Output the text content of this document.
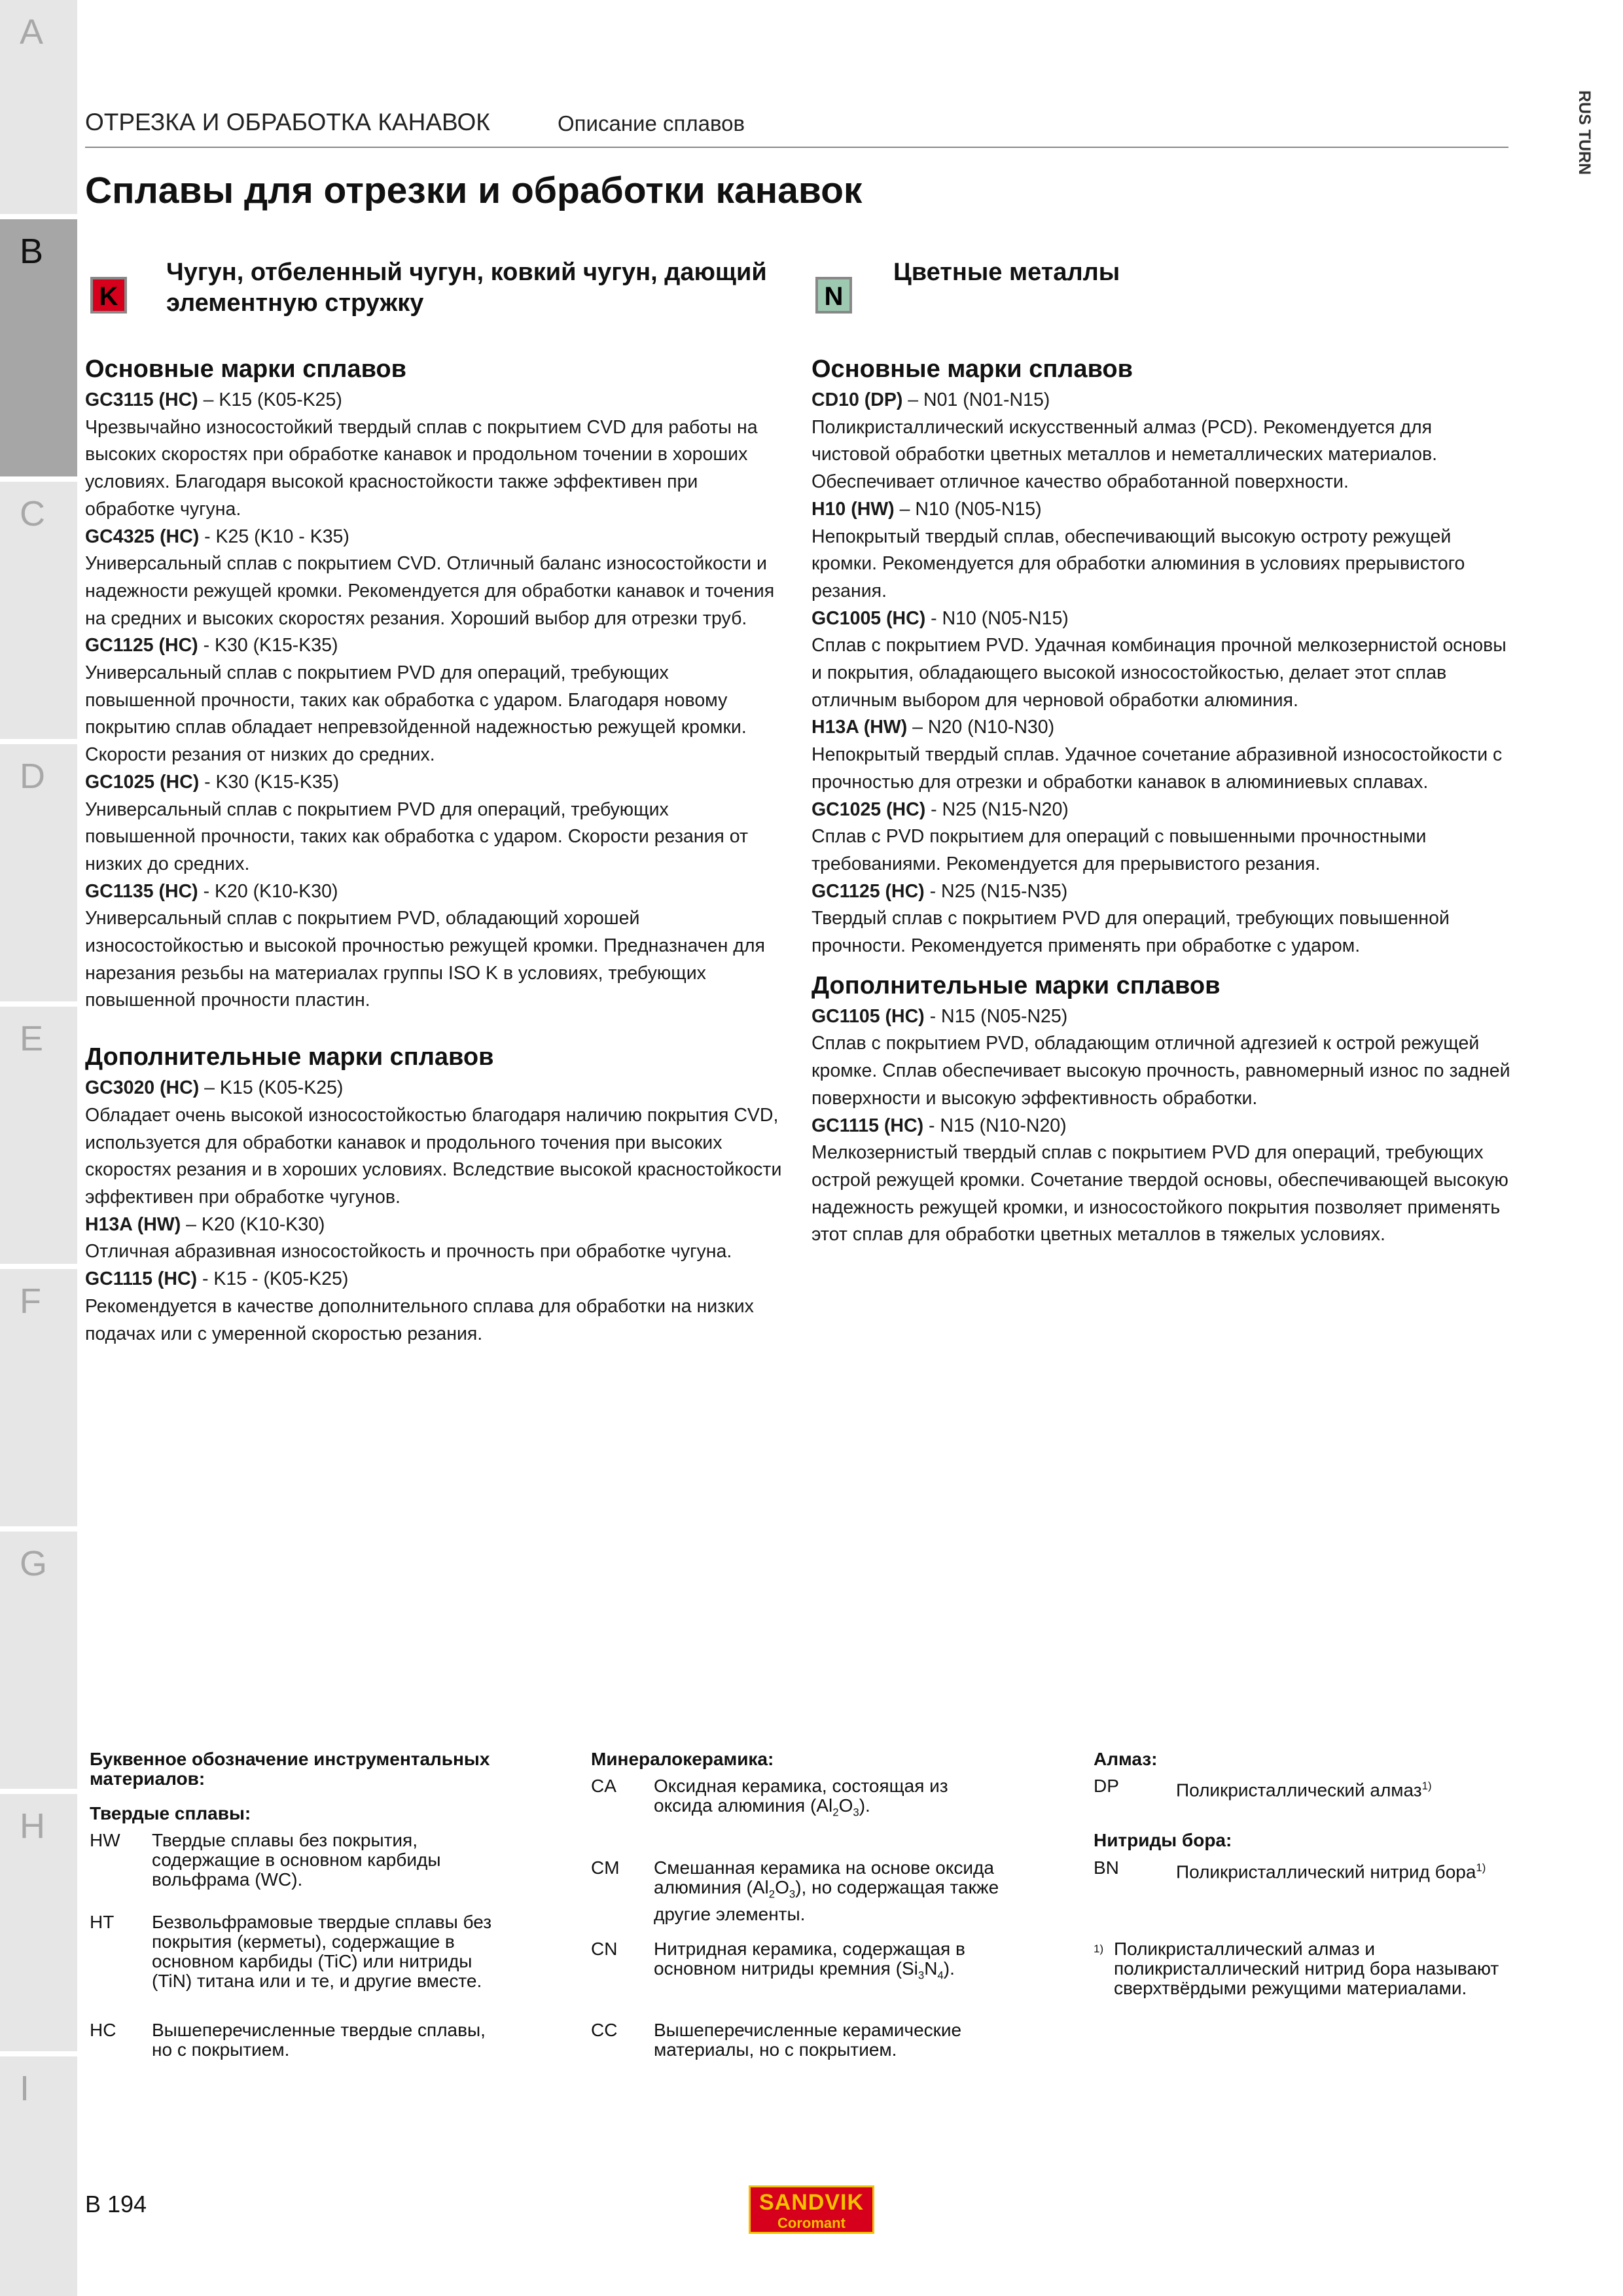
A
B
C
D
E
F
G
H
I
ОТРЕЗКА И ОБРАБОТКА КАНАВОК	Описание сплавов	RUS TURN
Сплавы для отрезки и обработки канавок
K
Чугун, отбеленный чугун, ковкий чугун, дающий
элементную стружку	N
Цветные металлы
Основные марки сплавов
GC3115 (HC) – K15 (K05-K25)
Чрезвычайно износостойкий твердый сплав с покрытием CVD для работы на
высоких скоростях при обработке канавок и продольном точении в хороших
условиях. Благодаря высокой красностойкости также эффективен при
обработке чугуна.
GC4325 (HC) - K25 (K10 - K35)
Универсальный сплав с покрытием CVD. Отличный баланс износостойкости и
надежности режущей кромки. Рекомендуется для обработки канавок и точения
на средних и высоких скоростях резания. Хороший выбор для отрезки труб.
GC1125 (HC) - K30 (K15-K35)
Универсальный сплав с покрытием PVD для операций, требующих
повышенной прочности, таких как обработка с ударом. Благодаря новому
покрытию сплав обладает непревзойденной надежностью режущей кромки.
Скорости резания от низких до средних.
GC1025 (HC) - K30 (K15-K35)
Универсальный сплав с покрытием PVD для операций, требующих
повышенной прочности, таких как обработка с ударом. Скорости резания от
низких до средних.
GC1135 (HC) - K20 (K10-K30)
Универсальный сплав с покрытием PVD, обладающий хорошей
износостойкостью и высокой прочностью режущей кромки. Предназначен для
нарезания резьбы на материалах группы ISO K в условиях, требующих
повышенной прочности пластин.
Дополнительные марки сплавов
GC3020 (HC) – K15 (K05-K25)
Обладает очень высокой износостойкостью благодаря наличию покрытия CVD,
используется для обработки канавок и продольного точения при высоких
скоростях резания и в хороших условиях. Вследствие высокой красностойкости
эффективен при обработке чугунов.
H13A (HW) – K20 (K10-K30)
Отличная абразивная износостойкость и прочность при обработке чугуна.
GC1115 (HC) - K15 - (K05-K25)
Рекомендуется в качестве дополнительного сплава для обработки на низких
подачах или с умеренной скоростью резания.
Основные марки сплавов
CD10 (DP) – N01 (N01-N15)
Поликристаллический искусственный алмаз (PCD). Рекомендуется для
чистовой обработки цветных металлов и неметаллических материалов.
Обеспечивает отличное качество обработанной поверхности.
H10 (HW) – N10 (N05-N15)
Непокрытый твердый сплав, обеспечивающий высокую остроту режущей
кромки. Рекомендуется для обработки алюминия в условиях прерывистого
резания.
GC1005 (HC) - N10 (N05-N15)
Сплав с покрытием PVD. Удачная комбинация прочной мелкозернистой основы
и покрытия, обладающего высокой износостойкостью, делает этот сплав
отличным выбором для черновой обработки алюминия.
H13A (HW) – N20 (N10-N30)
Непокрытый твердый сплав. Удачное сочетание абразивной износостойкости с
прочностью для отрезки и обработки канавок в алюминиевых сплавах.
GC1025 (HC) - N25 (N15-N20)
Сплав с PVD покрытием для операций с повышенными прочностными
требованиями. Рекомендуется для прерывистого резания.
GC1125 (HC) - N25 (N15-N35)
Твердый сплав с покрытием PVD для операций, требующих повышенной
прочности. Рекомендуется применять при обработке с ударом.
Дополнительные марки сплавов
GC1105 (HC) - N15 (N05-N25)
Сплав с покрытием PVD, обладающим отличной адгезией к острой режущей
кромке. Сплав обеспечивает высокую прочность, равномерный износ по задней
поверхности и высокую эффективность обработки.
GC1115 (HC) - N15 (N10-N20)
Мелкозернистый твердый сплав с покрытием PVD для операций, требующих
острой режущей кромки. Сочетание твердой основы, обеспечивающей высокую
надежность режущей кромки, и износостойкого покрытия позволяет применять
этот сплав для обработки цветных металлов в тяжелых условиях.
Буквенное обозначение инструментальных
материалов:
Твердые сплавы:
HW Твердые сплавы без покрытия,
содержащие в основном карбиды
вольфрама (WC).
HT Безвольфрамовые твердые сплавы без
покрытия (керметы), содержащие в
основном карбиды (TiC) или нитриды
(TiN) титана или и те, и другие вместе.
HC Вышеперечисленные твердые сплавы,
но с покрытием.
Минералокерамика:
CA Оксидная керамика, состоящая из
оксида алюминия $(Al_2O_3)$.
CM Смешанная керамика на основе оксида
алюминия $(Al_2O_3)$, но содержащая также
другие элементы.
CN Нитридная керамика, содержащая в
основном нитриды кремния $(Si_3N_4)$.
CC Вышеперечисленные керамические
материалы, но с покрытием.
Алмаз:
DP	Поликристаллический алмаз$^{1)}$
Нитриды бора:
BN	Поликристаллический нитрид бора$^{1)}$
1) Поликристаллический алмаз и
поликристаллический нитрид бора называют
сверхтвёрдыми режущими материалами.
B 194	SANDVIK
Coromant
